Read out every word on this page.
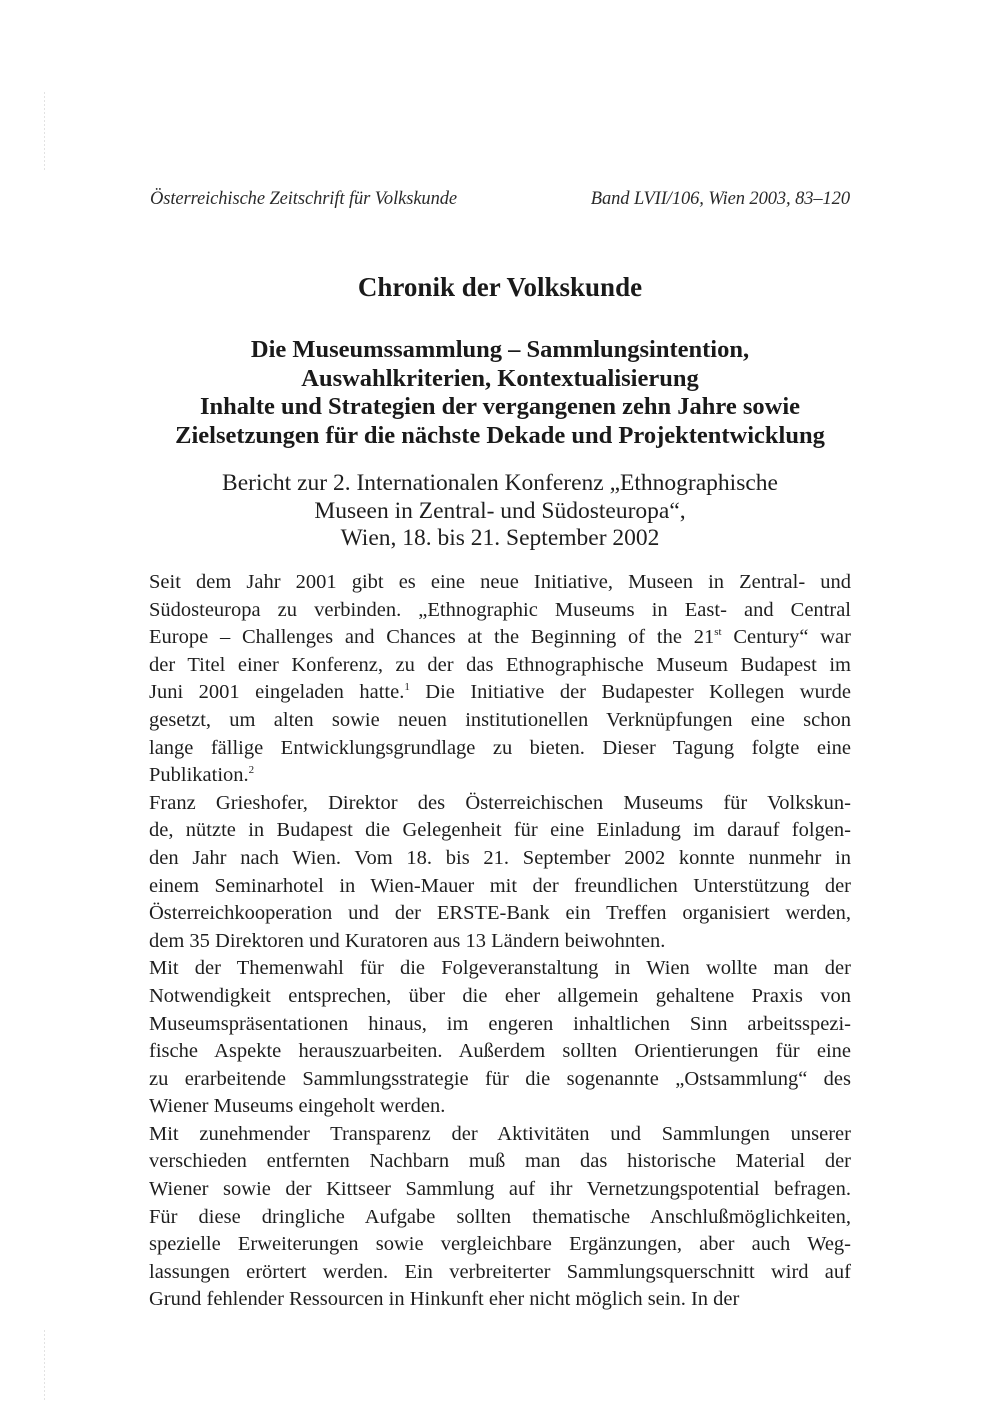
Österreichische Zeitschrift für Volkskunde	Band LVII/106, Wien 2003, 83–120
Chronik der Volkskunde
Die Museumssammlung – Sammlungsintention,
Auswahlkriterien, Kontextualisierung
Inhalte und Strategien der vergangenen zehn Jahre sowie
Zielsetzungen für die nächste Dekade und Projektentwicklung
Bericht zur 2. Internationalen Konferenz „Ethnographische
Museen in Zentral- und Südosteuropa“,
Wien, 18. bis 21. September 2002
Seit dem Jahr 2001 gibt es eine neue Initiative, Museen in Zentral- und
Südosteuropa zu verbinden. „Ethnographic Museums in East- and Central
Europe – Challenges and Chances at the Beginning of the 21st Century“ war
der Titel einer Konferenz, zu der das Ethnographische Museum Budapest im
Juni 2001 eingeladen hatte.$^1$ Die Initiative der Budapester Kollegen wurde
gesetzt, um alten sowie neuen institutionellen Verknüpfungen eine schon
lange fällige Entwicklungsgrundlage zu bieten. Dieser Tagung folgte eine
Publikation.$^2$
Franz Grieshofer, Direktor des Österreichischen Museums für Volkskun-
de, nützte in Budapest die Gelegenheit für eine Einladung im darauf folgen-
den Jahr nach Wien. Vom 18. bis 21. September 2002 konnte nunmehr in
einem Seminarhotel in Wien-Mauer mit der freundlichen Unterstützung der
Österreichkooperation und der ERSTE-Bank ein Treffen organisiert werden,
dem 35 Direktoren und Kuratoren aus 13 Ländern beiwohnten.
Mit der Themenwahl für die Folgeveranstaltung in Wien wollte man der
Notwendigkeit entsprechen, über die eher allgemein gehaltene Praxis von
Museumspräsentationen hinaus, im engeren inhaltlichen Sinn arbeitsspezi-
fische Aspekte herauszuarbeiten. Außerdem sollten Orientierungen für eine
zu erarbeitende Sammlungsstrategie für die sogenannte „Ostsammlung“ des
Wiener Museums eingeholt werden.
Mit zunehmender Transparenz der Aktivitäten und Sammlungen unserer
verschieden entfernten Nachbarn muß man das historische Material der
Wiener sowie der Kittseer Sammlung auf ihr Vernetzungspotential befragen.
Für diese dringliche Aufgabe sollten thematische Anschlußmöglichkeiten,
spezielle Erweiterungen sowie vergleichbare Ergänzungen, aber auch Weg-
lassungen erörtert werden. Ein verbreiterter Sammlungsquerschnitt wird auf
Grund fehlender Ressourcen in Hinkunft eher nicht möglich sein. In der
